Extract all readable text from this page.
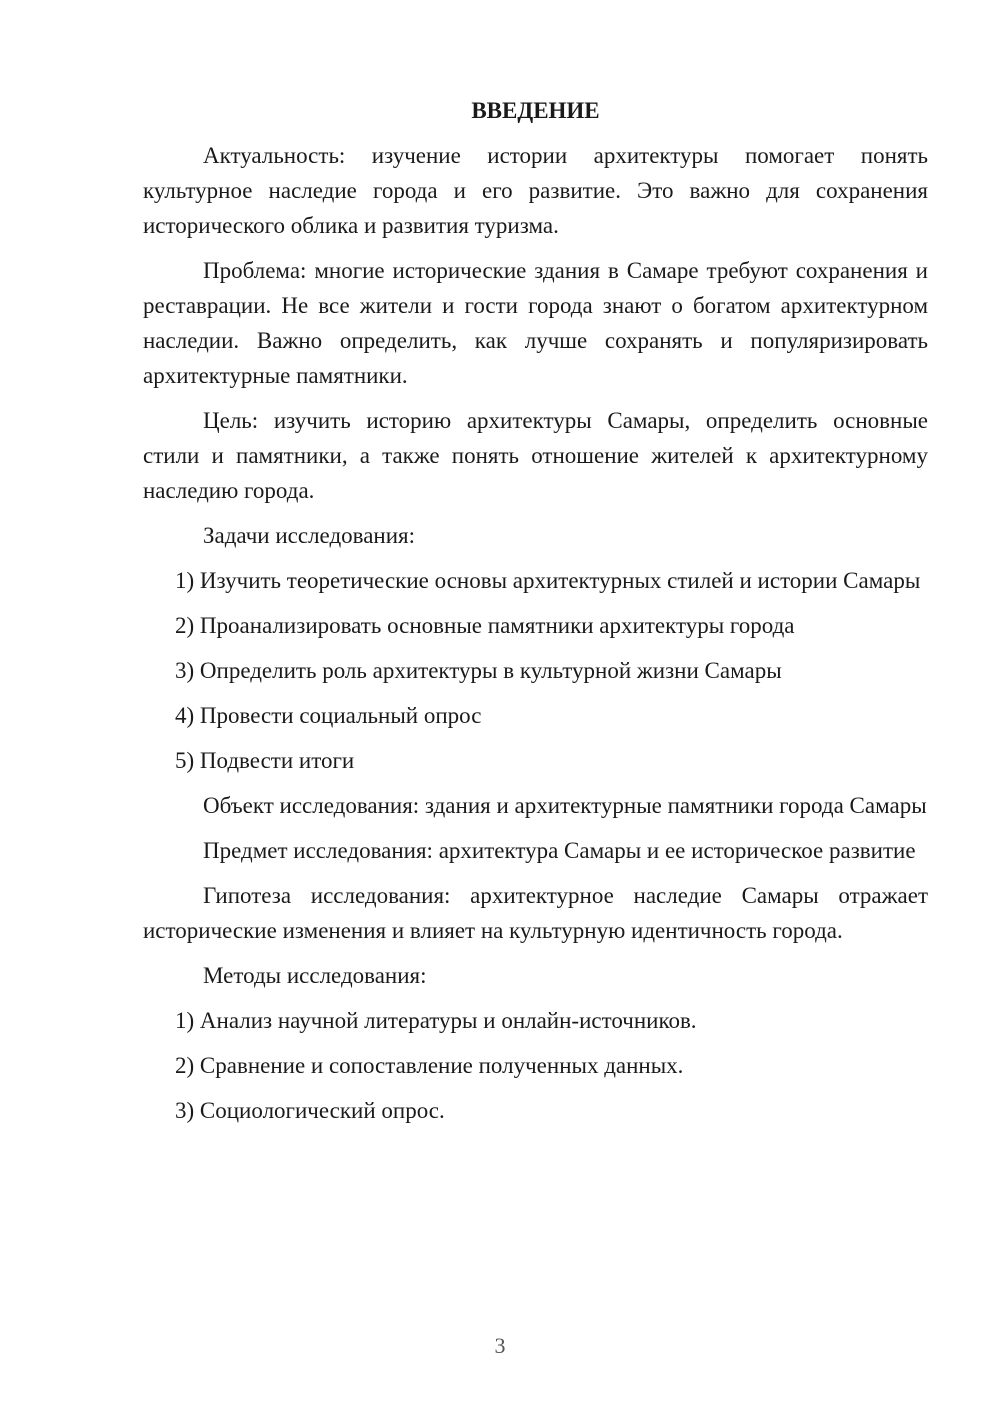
ВВЕДЕНИЕ

Актуальность: изучение истории архитектуры помогает понять культурное наследие города и его развитие. Это важно для сохранения исторического облика и развития туризма.

Проблема: многие исторические здания в Самаре требуют сохранения и реставрации. Не все жители и гости города знают о богатом архитектурном наследии. Важно определить, как лучше сохранять и популяризировать архитектурные памятники.

Цель: изучить историю архитектуры Самары, определить основные стили и памятники, а также понять отношение жителей к архитектурному наследию города.

Задачи исследования:

1) Изучить теоретические основы архитектурных стилей и истории Самары

2) Проанализировать основные памятники архитектуры города

3) Определить роль архитектуры в культурной жизни Самары

4) Провести социальный опрос

5) Подвести итоги

Объект исследования: здания и архитектурные памятники города Самары

Предмет исследования: архитектура Самары и ее историческое развитие

Гипотеза исследования: архитектурное наследие Самары отражает исторические изменения и влияет на культурную идентичность города.

Методы исследования:

1) Анализ научной литературы и онлайн-источников.

2) Сравнение и сопоставление полученных данных.

3) Социологический опрос.

3
